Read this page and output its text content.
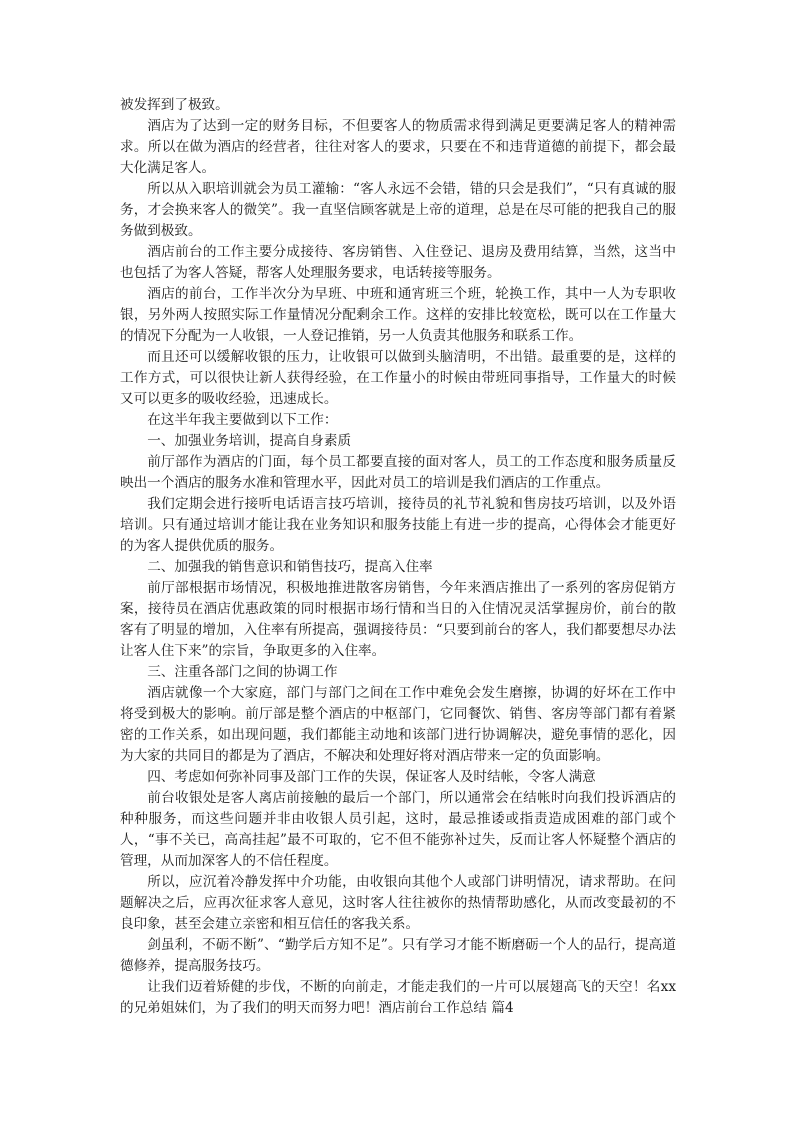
被发挥到了极致。

酒店为了达到一定的财务目标，不但要客人的物质需求得到满足更要满足客人的精神需求。所以在做为酒店的经营者，往往对客人的要求，只要在不和违背道德的前提下，都会最大化满足客人。

所以从入职培训就会为员工灌输：“客人永远不会错，错的只会是我们”，“只有真诚的服务，才会换来客人的微笑”。我一直坚信顾客就是上帝的道理，总是在尽可能的把我自己的服务做到极致。

酒店前台的工作主要分成接待、客房销售、入住登记、退房及费用结算，当然，这当中也包括了为客人答疑，帮客人处理服务要求，电话转接等服务。

酒店的前台，工作半次分为早班、中班和通宵班三个班，轮换工作，其中一人为专职收银，另外两人按照实际工作量情况分配剩余工作。这样的安排比较宽松，既可以在工作量大的情况下分配为一人收银，一人登记推销，另一人负责其他服务和联系工作。

而且还可以缓解收银的压力，让收银可以做到头脑清明，不出错。最重要的是，这样的工作方式，可以很快让新人获得经验，在工作量小的时候由带班同事指导，工作量大的时候又可以更多的吸收经验，迅速成长。

在这半年我主要做到以下工作：

一、加强业务培训，提高自身素质

前厅部作为酒店的门面，每个员工都要直接的面对客人，员工的工作态度和服务质量反映出一个酒店的服务水准和管理水平，因此对员工的培训是我们酒店的工作重点。

我们定期会进行接听电话语言技巧培训，接待员的礼节礼貌和售房技巧培训，以及外语培训。只有通过培训才能让我在业务知识和服务技能上有进一步的提高，心得体会才能更好的为客人提供优质的服务。

二、加强我的销售意识和销售技巧，提高入住率

前厅部根据市场情况，积极地推进散客房销售，今年来酒店推出了一系列的客房促销方案，接待员在酒店优惠政策的同时根据市场行情和当日的入住情况灵活掌握房价，前台的散客有了明显的增加，入住率有所提高，强调接待员：“只要到前台的客人，我们都要想尽办法让客人住下来”的宗旨，争取更多的入住率。

三、注重各部门之间的协调工作

酒店就像一个大家庭，部门与部门之间在工作中难免会发生磨擦，协调的好坏在工作中将受到极大的影响。前厅部是整个酒店的中枢部门，它同餐饮、销售、客房等部门都有着紧密的工作关系，如出现问题，我们都能主动地和该部门进行协调解决，避免事情的恶化，因为大家的共同目的都是为了酒店，不解决和处理好将对酒店带来一定的负面影响。

四、考虑如何弥补同事及部门工作的失误，保证客人及时结帐，令客人满意

前台收银处是客人离店前接触的最后一个部门，所以通常会在结帐时向我们投诉酒店的种种服务，而这些问题并非由收银人员引起，这时，最忌推诿或指责造成困难的部门或个人，“事不关已，高高挂起”最不可取的，它不但不能弥补过失，反而让客人怀疑整个酒店的管理，从而加深客人的不信任程度。

所以，应沉着冷静发挥中介功能，由收银向其他个人或部门讲明情况，请求帮助。在问题解决之后，应再次征求客人意见，这时客人往往被你的热情帮助感化，从而改变最初的不良印象，甚至会建立亲密和相互信任的客我关系。

剑虽利，不砺不断”、“勤学后方知不足”。只有学习才能不断磨砺一个人的品行，提高道德修养，提高服务技巧。

让我们迈着矫健的步伐，不断的向前走，才能走我们的一片可以展翅高飞的天空！名xx的兄弟姐妹们，为了我们的明天而努力吧！酒店前台工作总结 篇4
